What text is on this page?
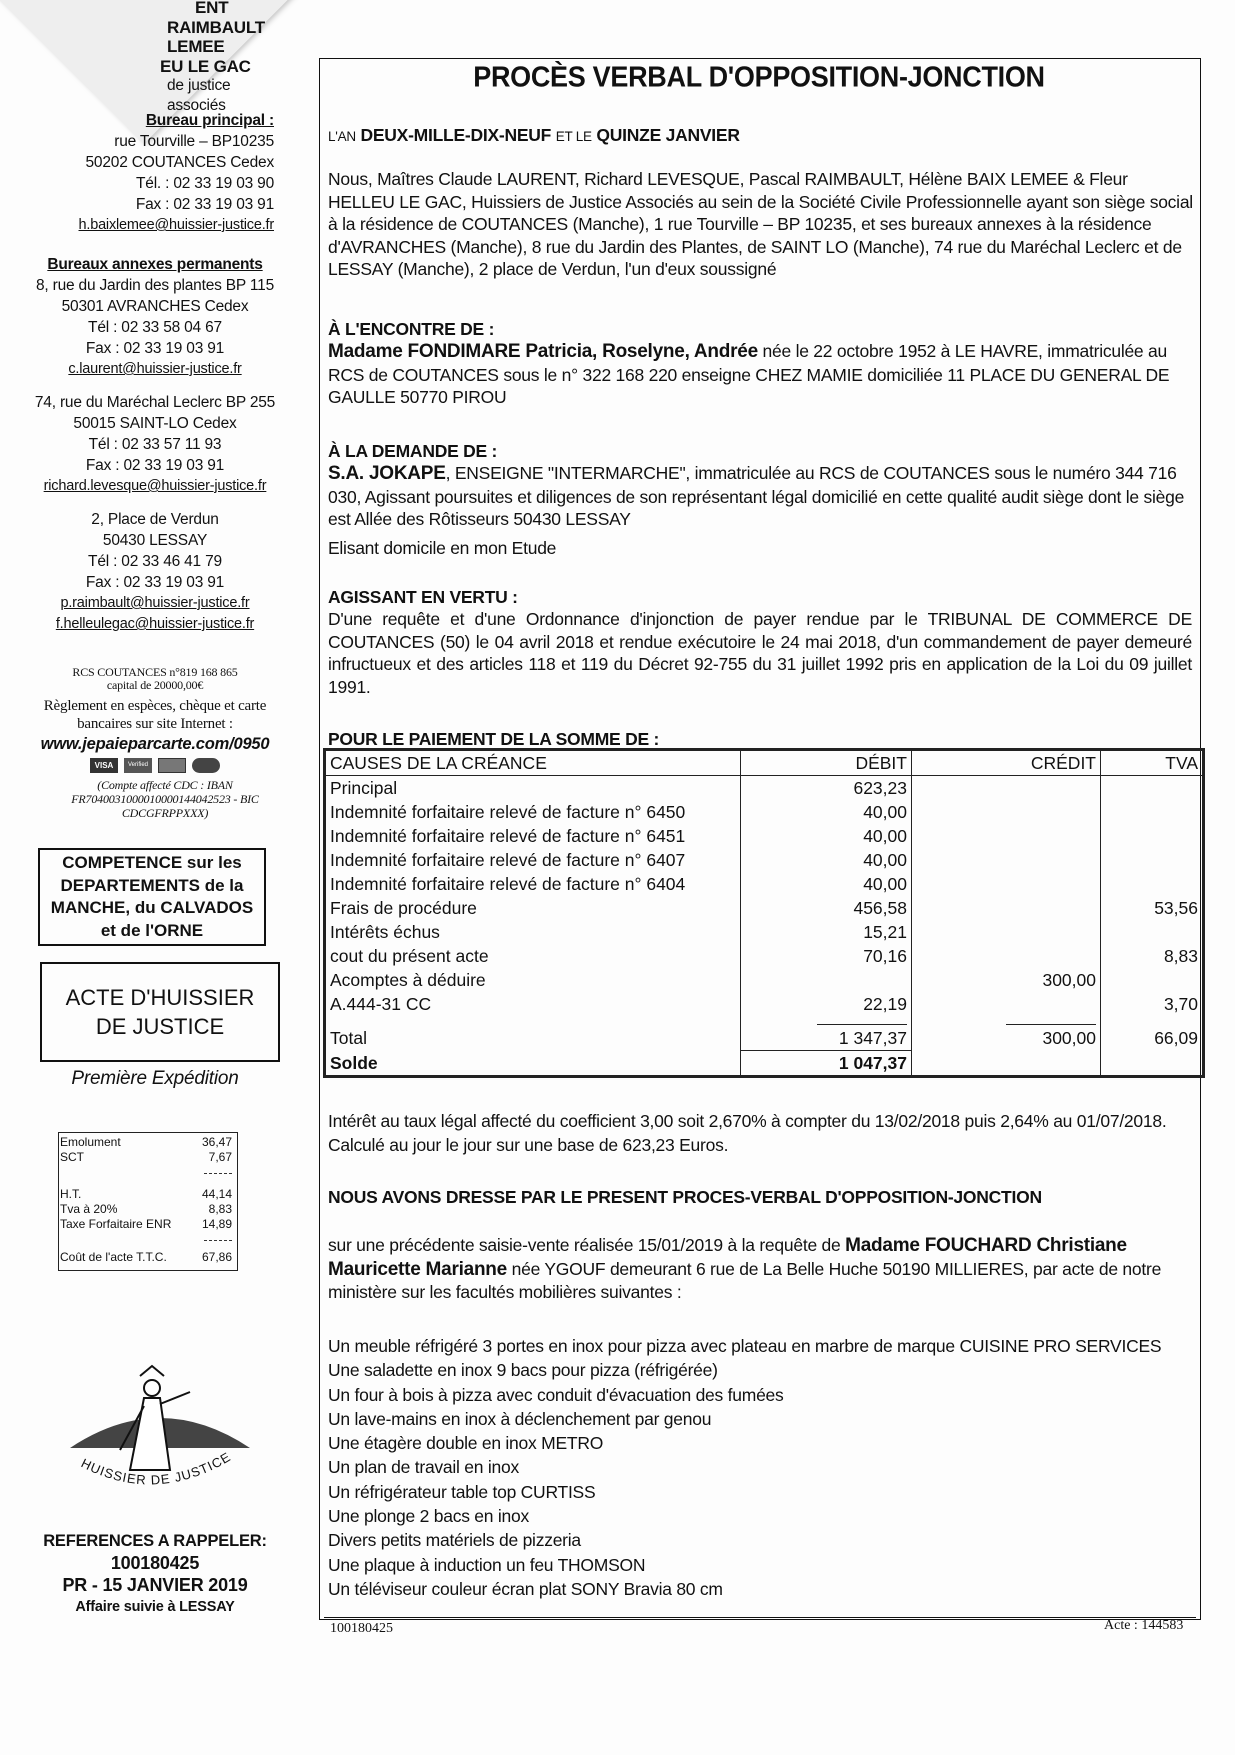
ENT
RAIMBAULT
LEMEE
EU LE GAC
de justice associés
Bureau principal :
rue Tourville – BP10235
50202 COUTANCES Cedex
Tél. : 02 33 19 03 90
Fax : 02 33 19 03 91
h.baixlemee@huissier-justice.fr
Bureaux annexes permanents
8, rue du Jardin des plantes BP 115
50301 AVRANCHES Cedex
Tél : 02 33 58 04 67
Fax : 02 33 19 03 91
c.laurent@huissier-justice.fr
74, rue du Maréchal Leclerc BP 255
50015 SAINT-LO Cedex
Tél : 02 33 57 11 93
Fax : 02 33 19 03 91
richard.levesque@huissier-justice.fr
2, Place de Verdun
50430 LESSAY
Tél : 02 33 46 41 79
Fax : 02 33 19 03 91
p.raimbault@huissier-justice.fr
f.helleulegac@huissier-justice.fr
RCS COUTANCES n°819 168 865
capital de 20000,00€
Règlement en espèces, chèque et carte bancaires sur site Internet :
www.jepaieparcarte.com/0950
VISA	Verified
(Compte affecté CDC : IBAN FR7040031000010000144042523 - BIC CDCGFRPPXXX)
COMPETENCE sur les DEPARTEMENTS de la MANCHE, du CALVADOS et de l'ORNE
ACTE D'HUISSIER DE JUSTICE
Première Expédition
Emolument	36,47
SCT	7,67
H.T.	44,14
Tva à 20%	8,83
Taxe Forfaitaire ENR	14,89
Coût de l'acte T.T.C.	67,86
HUISSIER DE JUSTICE
REFERENCES A RAPPELER:
100180425
PR - 15 JANVIER 2019
Affaire suivie à LESSAY
PROCÈS VERBAL D'OPPOSITION-JONCTION
L'AN DEUX-MILLE-DIX-NEUF ET LE QUINZE JANVIER
Nous, Maîtres Claude LAURENT, Richard LEVESQUE, Pascal RAIMBAULT, Hélène BAIX LEMEE & Fleur HELLEU LE GAC, Huissiers de Justice Associés au sein de la Société Civile Professionnelle ayant son siège social à la résidence de COUTANCES (Manche), 1 rue Tourville – BP 10235, et ses bureaux annexes à la résidence d'AVRANCHES (Manche), 8 rue du Jardin des Plantes, de SAINT LO (Manche), 74 rue du Maréchal Leclerc et de LESSAY (Manche), 2 place de Verdun, l'un d'eux soussigné
À L'ENCONTRE DE :
Madame FONDIMARE Patricia, Roselyne, Andrée née le 22 octobre 1952 à LE HAVRE, immatriculée au RCS de COUTANCES sous le n° 322 168 220 enseigne CHEZ MAMIE domiciliée 11 PLACE DU GENERAL DE GAULLE 50770 PIROU
À LA DEMANDE DE :
S.A. JOKAPE, ENSEIGNE "INTERMARCHE", immatriculée au RCS de COUTANCES sous le numéro 344 716 030, Agissant poursuites et diligences de son représentant légal domicilié en cette qualité audit siège dont le siège est Allée des Rôtisseurs 50430 LESSAY
Elisant domicile en mon Etude
AGISSANT EN VERTU :
D'une requête et d'une Ordonnance d'injonction de payer rendue par le TRIBUNAL DE COMMERCE DE COUTANCES (50) le 04 avril 2018 et rendue exécutoire le 24 mai 2018, d'un commandement de payer demeuré infructueux et des articles 118 et 119 du Décret 92-755 du 31 juillet 1992 pris en application de la Loi du 09 juillet 1991.
POUR LE PAIEMENT DE LA SOMME DE :
CAUSES DE LA CRÉANCE	DÉBIT	CRÉDIT	TVA
Principal	623,23		
Indemnité forfaitaire relevé de facture n° 6450	40,00		
Indemnité forfaitaire relevé de facture n° 6451	40,00		
Indemnité forfaitaire relevé de facture n° 6407	40,00		
Indemnité forfaitaire relevé de facture n° 6404	40,00		
Frais de procédure	456,58		53,56
Intérêts échus	15,21		
cout du présent acte	70,16		8,83
Acomptes à déduire		300,00	
A.444-31 CC	22,19		3,70

Total	1 347,37	300,00	66,09
Solde	1 047,37		
Intérêt au taux légal affecté du coefficient 3,00 soit 2,670% à compter du 13/02/2018 puis 2,64% au 01/07/2018.
Calculé au jour le jour sur une base de 623,23 Euros.
NOUS AVONS DRESSE PAR LE PRESENT PROCES-VERBAL D'OPPOSITION-JONCTION
sur une précédente saisie-vente réalisée 15/01/2019 à la requête de Madame FOUCHARD Christiane
Mauricette Marianne née YGOUF demeurant 6 rue de La Belle Huche 50190 MILLIERES, par acte de notre ministère sur les facultés mobilières suivantes :
Un meuble réfrigéré 3 portes en inox pour pizza avec plateau en marbre de marque CUISINE PRO SERVICES
Une saladette en inox 9 bacs pour pizza (réfrigérée)
Un four à bois à pizza avec conduit d'évacuation des fumées
Un lave-mains en inox à déclenchement par genou
Une étagère double en inox METRO
Un plan de travail en inox
Un réfrigérateur table top CURTISS
Une plonge 2 bacs en inox
Divers petits matériels de pizzeria
Une plaque à induction un feu THOMSON
Un téléviseur couleur écran plat SONY Bravia 80 cm
100180425	Acte : 144583
